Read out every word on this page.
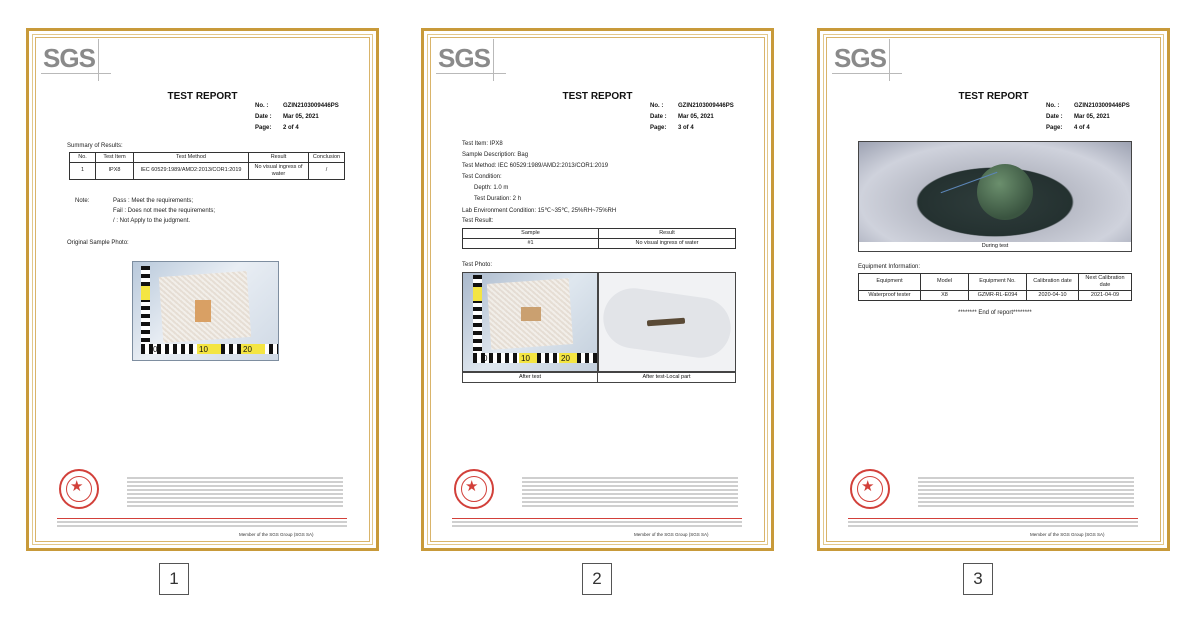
SGS
TEST REPORT
No. : GZIN2103009446PS
Date : Mar 05, 2021
Page: 2 of 4
Summary of Results:
No.	Test Item	Test Method	Result	Conclusion
1	IPX8	IEC 60529:1989/AMD2:2013/COR1:2019	No visual ingress of water	/
Note:	Pass : Meet the requirements;
Fail : Does not meet the requirements;
/ : Not Apply to the judgment.
Original Sample Photo:
0	10	20
★
Member of the SGS Group (SGS SA)
SGS
TEST REPORT
No. : GZIN2103009446PS
Date : Mar 05, 2021
Page: 3 of 4
Test Item: IPX8
Sample Description: Bag
Test Method: IEC 60529:1989/AMD2:2013/COR1:2019
Test Condition:
Depth: 1.0 m
Test Duration: 2 h
Lab Environment Condition: 15℃~35℃, 25%RH~75%RH
Test Result:
Sample	Result
#1	No visual ingress of water
Test Photo:
0	10	20
After test	After test-Local part
★
Member of the SGS Group (SGS SA)
SGS
TEST REPORT
No. : GZIN2103009446PS
Date : Mar 05, 2021
Page: 4 of 4
During test
Equipment Information:
Equipment	Model	Equipment No.	Calibration date	Next Calibration date
Waterproof tester	X8	GZMR-RL-E094	2020-04-10	2021-04-09
******** End of report********
★
Member of the SGS Group (SGS SA)
1	2	3
